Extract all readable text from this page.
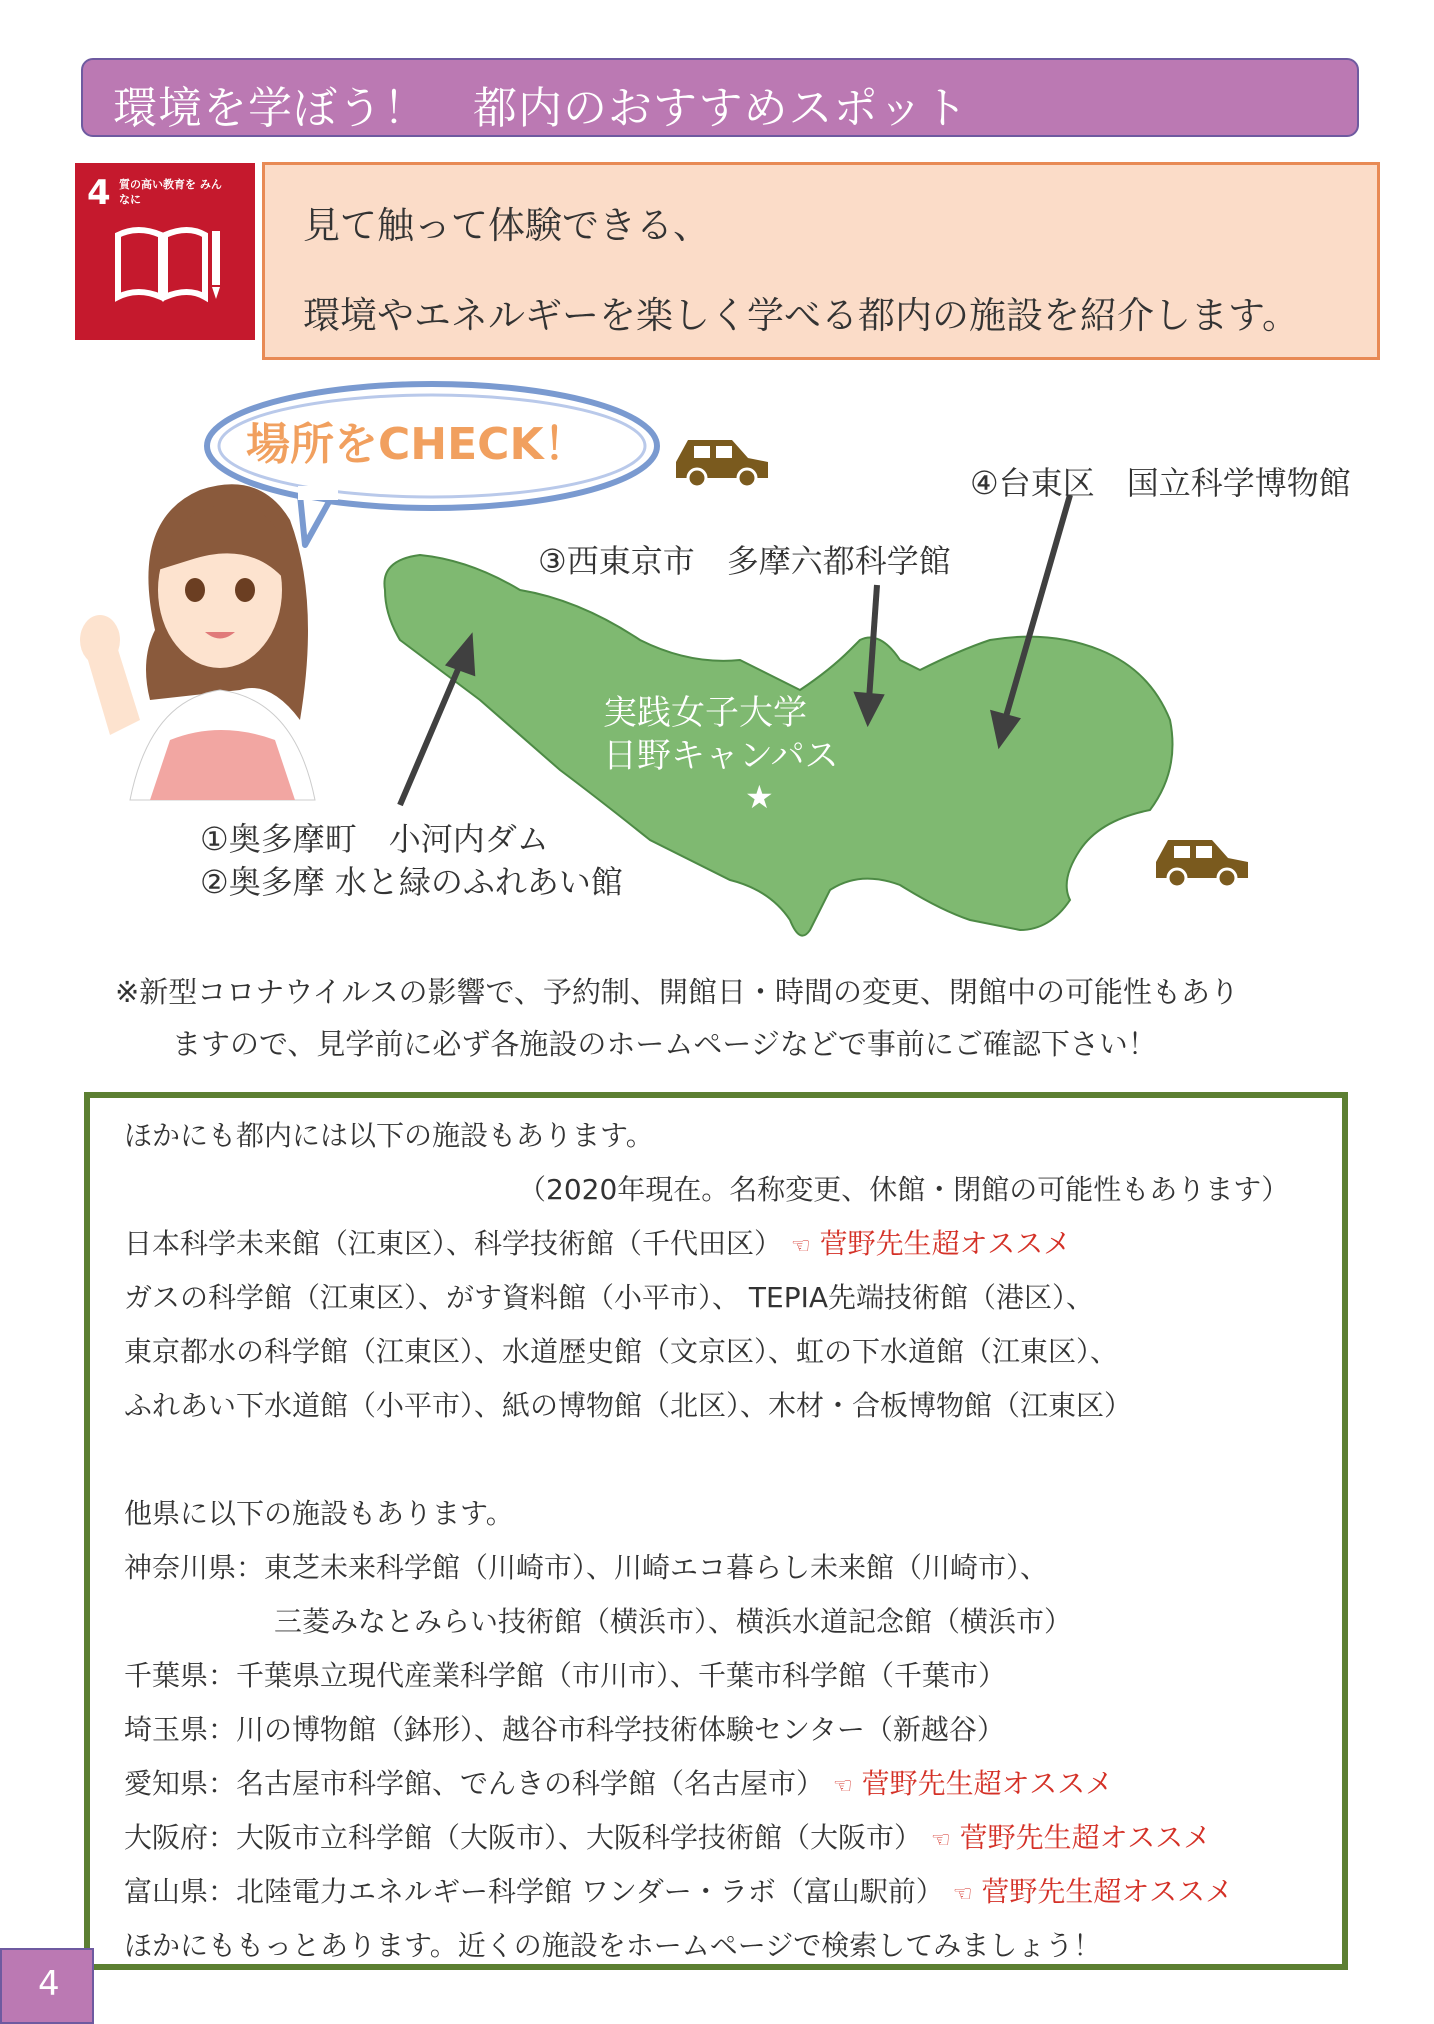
環境を学ぼう！　都内のおすすめスポット
4 質の高い教育を みんなに
見て触って体験できる、
環境やエネルギーを楽しく学べる都内の施設を紹介します。
場所をCHECK！
④台東区　国立科学博物館
③西東京市　多摩六都科学館
実践女子大学
日野キャンパス
★
①奥多摩町　小河内ダム
②奥多摩 水と緑のふれあい館
※新型コロナウイルスの影響で、予約制、開館日・時間の変更、閉館中の可能性もあり
ますので、見学前に必ず各施設のホームページなどで事前にご確認下さい！
ほかにも都内には以下の施設もあります。
（2020年現在。名称変更、休館・閉館の可能性もあります）
日本科学未来館（江東区）、科学技術館（千代田区） ☜ 菅野先生超オススメ
ガスの科学館（江東区）、がす資料館（小平市）、 TEPIA先端技術館（港区）、
東京都水の科学館（江東区）、水道歴史館（文京区）、虹の下水道館（江東区）、
ふれあい下水道館（小平市）、紙の博物館（北区）、木材・合板博物館（江東区）
他県に以下の施設もあります。
神奈川県：東芝未来科学館（川崎市）、川崎エコ暮らし未来館（川崎市）、
三菱みなとみらい技術館（横浜市）、横浜水道記念館（横浜市）
千葉県：千葉県立現代産業科学館（市川市）、千葉市科学館（千葉市）
埼玉県：川の博物館（鉢形）、越谷市科学技術体験センター（新越谷）
愛知県：名古屋市科学館、でんきの科学館（名古屋市） ☜ 菅野先生超オススメ
大阪府：大阪市立科学館（大阪市）、大阪科学技術館（大阪市） ☜ 菅野先生超オススメ
富山県：北陸電力エネルギー科学館 ワンダー・ラボ（富山駅前） ☜ 菅野先生超オススメ
ほかにももっとあります。近くの施設をホームページで検索してみましょう！
4
